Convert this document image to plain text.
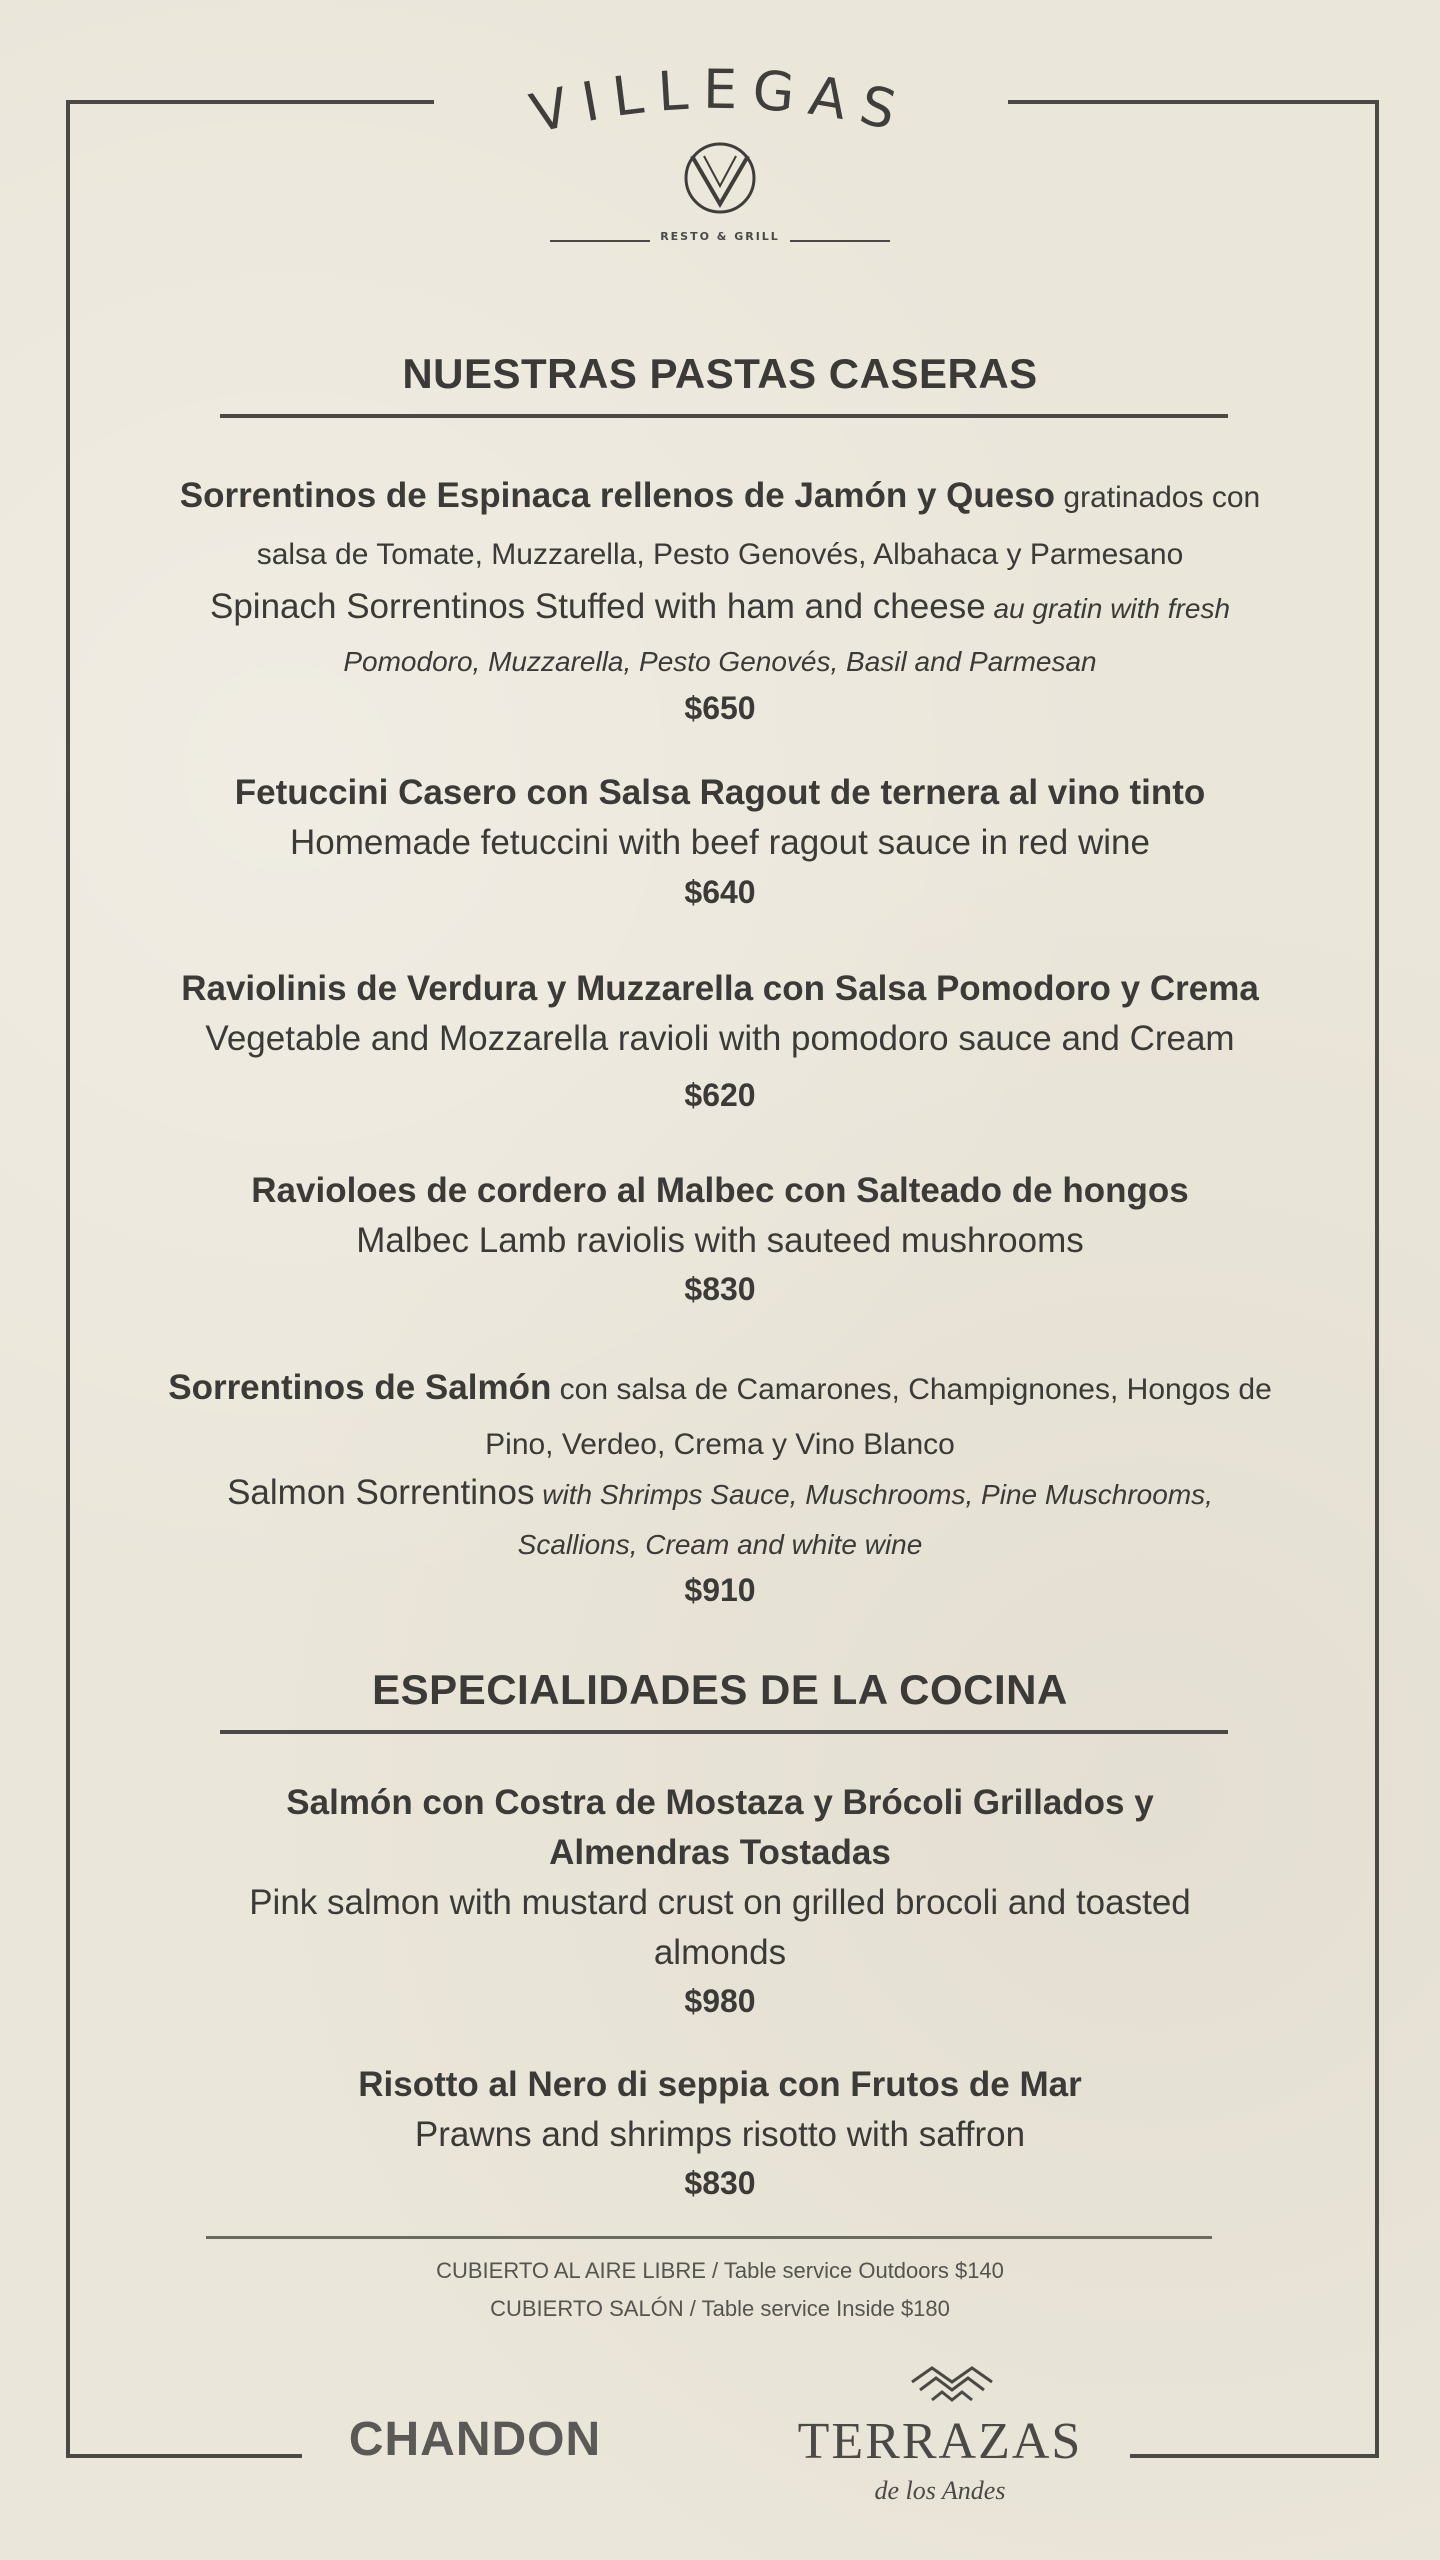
VILLEGAS
RESTO & GRILL
NUESTRAS PASTAS CASERAS
Sorrentinos de Espinaca rellenos de Jamón y Queso gratinados con
salsa de Tomate, Muzzarella, Pesto Genovés, Albahaca y Parmesano
Spinach Sorrentinos Stuffed with ham and cheese au gratin with fresh
Pomodoro, Muzzarella, Pesto Genovés, Basil and Parmesan
$650
Fetuccini Casero con Salsa Ragout de ternera al vino tinto
Homemade fetuccini with beef ragout sauce in red wine
$640
Raviolinis de Verdura y Muzzarella con Salsa Pomodoro y Crema
Vegetable and Mozzarella ravioli with pomodoro sauce and Cream
$620
Ravioloes de cordero al Malbec con Salteado de hongos
Malbec Lamb raviolis with sauteed mushrooms
$830
Sorrentinos de Salmón con salsa de Camarones, Champignones, Hongos de
Pino, Verdeo, Crema y Vino Blanco
Salmon Sorrentinos with Shrimps Sauce, Muschrooms, Pine Muschrooms,
Scallions, Cream and white wine
$910
ESPECIALIDADES DE LA COCINA
Salmón con Costra de Mostaza y Brócoli Grillados y
Almendras Tostadas
Pink salmon with mustard crust on grilled brocoli and toasted
almonds
$980
Risotto al Nero di seppia con Frutos de Mar
Prawns and shrimps risotto with saffron
$830
CUBIERTO AL AIRE LIBRE / Table service Outdoors $140
CUBIERTO SALÓN / Table service Inside $180
CHANDON	TERRAZAS
de los Andes
